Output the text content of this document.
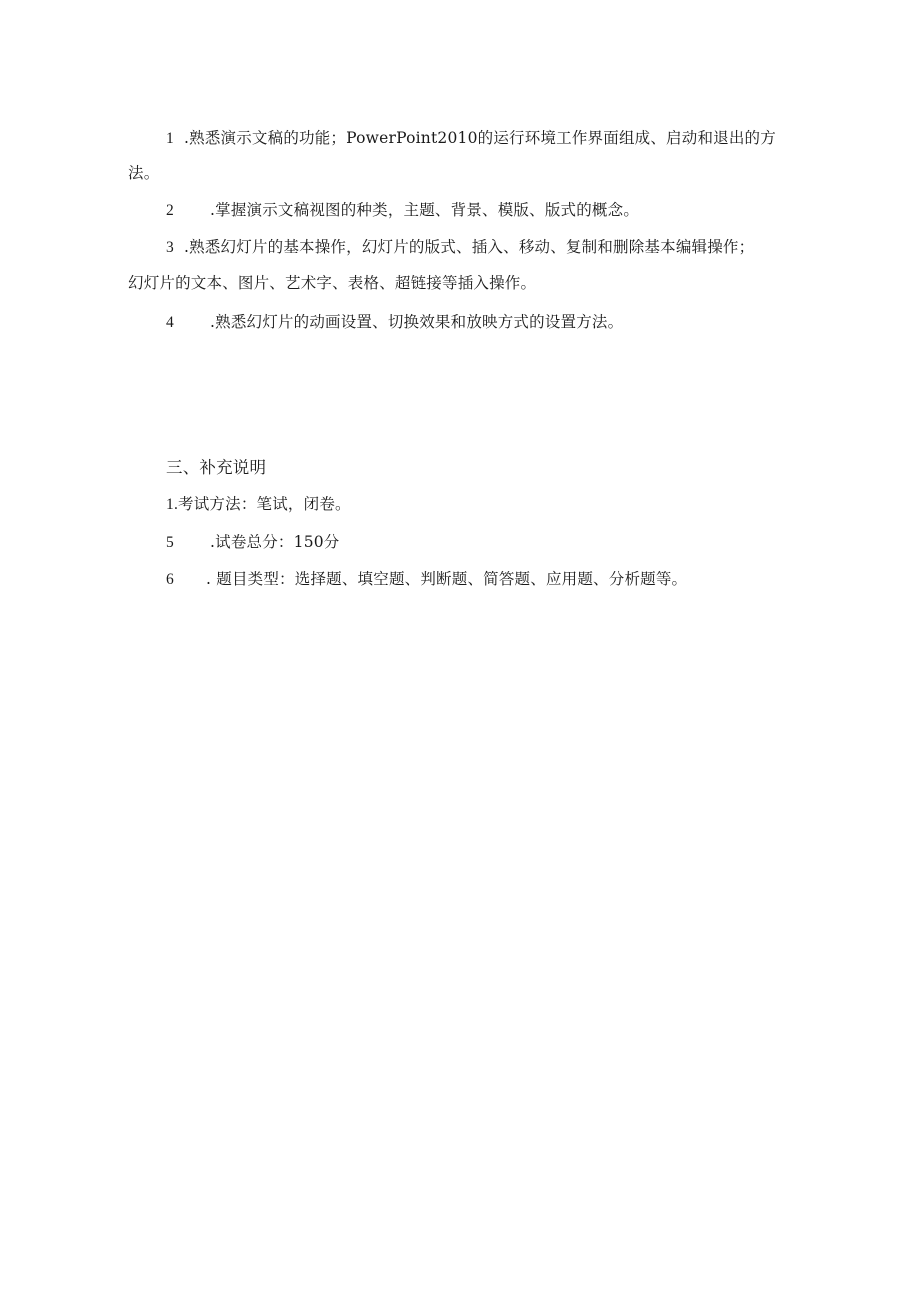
1 .熟悉演示文稿的功能；PowerPoint2010的运行环境工作界面组成、启动和退出的方
法。
2 .掌握演示文稿视图的种类，主题、背景、模版、版式的概念。
3 .熟悉幻灯片的基本操作，幻灯片的版式、插入、移动、复制和删除基本编辑操作；
幻灯片的文本、图片、艺术字、表格、超链接等插入操作。
4 .熟悉幻灯片的动画设置、切换效果和放映方式的设置方法。
三、补充说明
1.考试方法：笔试，闭卷。
5 .试卷总分：150分
6 . 题目类型：选择题、填空题、判断题、简答题、应用题、分析题等。
